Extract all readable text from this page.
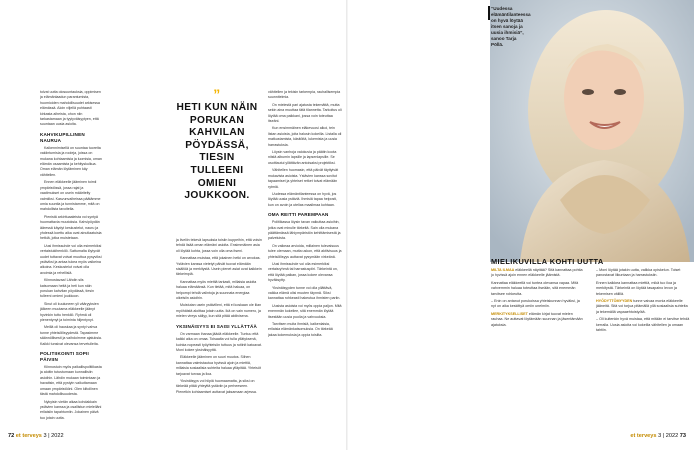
tolvat uutta olosuuntauksia, oppimisen ja elämänlaadun parantumista, huomioiden mahdollisuudet arkisessa elämässä. Aloin viljellä puhtaasti kirkasta aiheista, ohon niin tarkastamaan ja tyytyväisyytyen, että suuntaan uusia asioita.

KAHVIKUPILLINEN NAURUA

Kaikennimisellä on suuntaa tuoreita vakiintumisia ja rooleja, joissa on mukana kohtaamisia ja luomisia, oman elämän osaamista ja kehityskulkua. Oman elämän löytäminen käy vähitellen.

Ennen eläkkeelle jääminen toimii ympäristössä, jossa rajat ja vaatimukset on usein määritelty valmiiksi. Kasvunvaiheissa päätämme omia suuntia ja tunnistamme, mitä on mahdollista tavoitella.

Pienistä arkirituaaleista voi syntyä huomattavia muutoksia. Kahvipöydän ääressä käydyt keskustelut, nauru ja yhdessä koettu aika ovat ainutlaatuisia hetkiä, jotka muistetaan.

Uusi ihmissuhde voi olla esimerkiksi vertaistukihenkilö. Sattumalta löytyvät uudet tuttavat voivat muuttua pysyviksi ystäviksi ja antaa tukea myös vaikeina aikoina. Keskustelut voivat olla avoimia ja rehellisiä.

Kiinnostavaa! Lähdin siis katsomaan heitä ja heti kun näin porukan kahvilan pöydässä, tiesin tulleeni omieni joukkoon.

Sinut oli kuuluneen yli vääryyksien jälkeen muutama eläkkeelle jäänyt hyvinkin tuttu henkilö. Ryhmä oli pienentynyt ja toiminta hiljentynyt.

Meillä oli hauskaa ja syntyi vahva tunne yhteisöllisyydestä. Tapasimme säännöllisesti ja vaihdoimme ajatuksia. Kaikki tunsivat olevansa tervetulleita.

POLITIIKOINTI SOPII PÄIVIIN

Kiinnostuin myös paikallispolitiikasta ja aloitin tutustumaan kunnallisiin asioihin. Lähdin mukaan toimintaan ja havaitsin, että pystyin vaikuttamaan omaan ympäristööni. Olen kiitollinen tästä mahdollisuudesta.

Nykyisin vietän aikaa kohdakkain ystävien kanssa ja osallistun mielelläni erilaisiin tapahtumiin. Jokainen päivä tuo jotain uutta.

ja liveliin tekevä lapsuksia toisiin kuppeihin, että voisin tehdä lisää oman elämäni asioita. Ensimmäinen asia oli löytää kohta, jossa voin olla oma itseni.

Kannattaa muistaa, että jokainen hetki on arvokas. Ystävien kanssa vietetyt päivät tuovat elämään sisältöä ja merkitystä. Usein pienet asiat ovat kaikkein tärkeimpiä.

Kannattaa myös miettiä tarkasti, millaisia asioita haluaa elämäänsä. Kun tietää, mitä haluaa, on helpompi tehdä valintoja ja suunnata energiaa oikeisiin asioihin.

Muistutan usein ystävilleni, että ei koskaan ole liian myöhäistä aloittaa jotain uutta. Ikä on vain numero, ja mielen vireys säilyy, kun sitä pitää aktiivisena.

YKSINÄISYYS EI SAISI YLLÄTTÄÄ

On varmaan ihanaa jäädä eläkkeelle. Tuntuu että kaikki aika on omaa. Toisaalta voi tulla yllätyksenä, kuinka nopeasti työyhteisön tuttuus ja rutiinit katoavat. Moni kokee yksinäisyyttä.

Eläkkeelle jääminen on suuri muutos. Siihen kannattaa valmistautua hyvissä ajoin ja miettiä, millaisia sosiaalisia suhteita haluaa ylläpitää. Yhteisöt tarjoavat turvaa ja iloa.

Yksinäisyys voi hiipiä huomaamatta, ja siksi on tärkeää pitää yhteyttä ystäviin ja perheeseen. Pienetkin kohtaamiset auttavat jaksamaan arjessa.

vähitellen ja tekisin tarkempia, rauhallisempia suunnitelmia.

On mielestä pari ajatusta tekemättä, mutta sekin aina muuttaa tätä tilannetta. Tarkoitus oli löytää oma paikkani, jossa voin toteuttaa itseäni.

Kun ensimmäinen eläkevuosi alkoi, tein listan asioista, joita halusin kokeilla. Listalla oli matkustamista, käsitöitä, lukemista ja uusia harrastuksia.

Löysin vanhoja valokuvia ja päätin koota niistä albumin lapsille ja lapsenlapsille. Se osoittautui yllättävän antoisaksi projektiksi.

Vähitellen huomasin, että päivät täyttyivät mukavista asioista. Ystävien kanssa sovitut tapaamiset ja yhteiset retket toivat elämään rytmiä.

Uudessa elämäntilanteessa on hyvä, jos löytää uusia ystäviä. Ihmisiä tapaa helposti, kun on avoin ja utelias maailmaa kohtaan.

OMA REITTI PAREMPAAN

Politiikassa löysin tavan vaikuttaa asioihin, jotka ovat minulle tärkeitä. Sain olla mukana päättämässä lähiympäristön kehittämisestä ja palveluista.

On vaikeaa arvioida, millainen tulevaisuus tulee olemaan, mutta uskon, että aktiivisuus ja yhteisöllisyys auttavat pysymään virkeänä.

Uusi ihmissuhde voi olla esimerkiksi vertaisryhmä tai harrastuspiiri. Tärkeintä on, että löytää paikan, jossa kokee olevansa hyväksytty.

Yksinäisyyden tunne voi olla yllättävä, vaikka elämä olisi muuten täynnä. Siksi kannattaa rohkeasti hakeutua ihmisten pariin.

Uusista asioista voi myös oppia paljon. Mitä enemmän kokeilee, sitä enemmän löytää itsestään uusia puolia ja vahvuuksia.

Tarvitsen muita ihmisiä, kaikenlaisia, erilaisia elämänkatsomuksia. On tärkeää jakaa kokemuksia ja oppia toisilta.

”
HETI KUN NÄIN PORUKAN KAHVILAN PÖYDÄSSÄ, TIESIN TULLEENI OMIENI JOUKKOON.
“Uudessa elämäntilanteessa on hyvä löytää itsen sanoja ja uusia ihmisiä”, sanoo Tarja Pöllä.
MIELIKUVILLA KOHTI UUTTA

MILTA ILMAA eläkkeellä näyttää? Sitä kannattaa pohtia jo hyvissä ajoin ennen eläkkeelle jäämistä.

Kannattaa eläkkeellä voi tuntea olevansa vapaa. Mitä vahvemmin haluaa toteuttaa itseään, sitä enemmän tarvitsee rohkeutta.

– Enin on antanut porukoissa yhteiskunnan hyväksi, ja nyt on aika keskittyä omiin unelmiin.

MERKITYKSELLISET elämän kirjat tuovat mielen rauhaa. Ne auttavat löytämään suunnan ja jäsentämään ajatuksia.

– Moni löytää jotakin uutta, valikka opiskelun. Toiset panostavat liikuntaan ja harrastuksiin.

Ennen kaikkea kannattaa miettiä, mikä tuo iloa ja merkitystä. Tärkeintä on löytää tasapaino levon ja tekemisen välillä.

HYÖDYTTÖMYYDEN tunne vaivaa monia eläkkeelle jääneitä. Sitä voi torjua pitämällä yllä sosiaalisia suhteita ja tekemällä vapaaehtoistyötä.

– Oli kuitenkin hyvä muistaa, että mitään ei tarvitse tehdä kerralla. Uusia asioita voi kokeilla vähitellen ja omaan tahtiin.

72 et terveys 3 | 2022	et terveys 3 | 2022 73
